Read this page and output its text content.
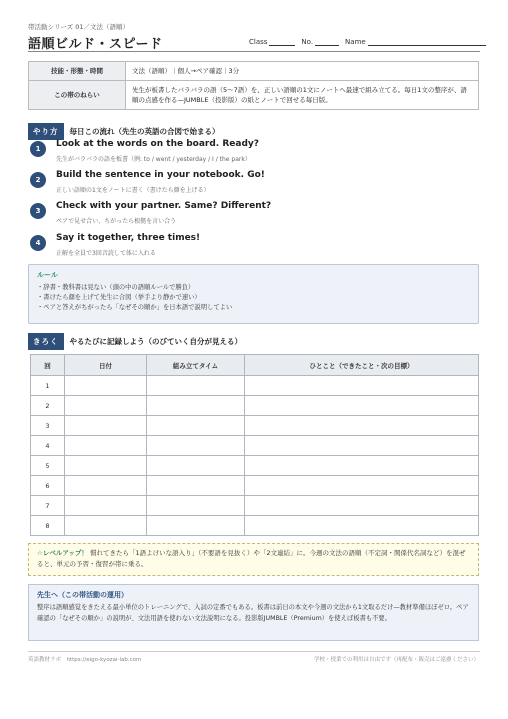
帯活動シリーズ 01／文法（語順）
語順ビルド・スピード	Class	No.	Name
技能・形態・時間	文法（語順）｜個人→ペア確認｜3分
この帯のねらい	先生が板書したバラバラの語（5〜7語）を、正しい語順の1文にノートへ最速で組み立てる。毎日1文の整序が、語順の点感を作る—JUMBLE（投影版）の紙とノートで回せる毎日版。
やり方	毎日この流れ（先生の英語の合図で始まる）
1	Look at the words on the board. Ready?
先生がバラバラの語を板書（例: to / went / yesterday / I / the park）
2	Build the sentence in your notebook. Go!
正しい語順の1文をノートに書く（書けたら顔を上げる）
3	Check with your partner. Same? Different?
ペアで見せ合い、ちがったら根拠を言い合う
4	Say it together, three times!
正解を全員で3回音読して体に入れる
ルール
・辞書・教科書は見ない（頭の中の語順ルールで勝負）
・書けたら顔を上げて先生に合図（挙手より静かで速い）
・ペアと答えがちがったら「なぜその順か」を日本語で説明してよい
きろく	やるたびに記録しよう（のびていく自分が見える）
回	日付	組み立てタイム	ひとこと（できたこと・次の目標）
1			
2			
3			
4			
5			
6			
7			
8			
☆レベルアップ！ 慣れてきたら「1語よけいな語入り」（不要語を見抜く）や「2文連結」に。今週の文法の語順（不定詞・関係代名詞など）を混ぜると、単元の予習・復習が帯に乗る。
先生へ（この帯活動の運用）
整序は語順感覚をきたえる最小単位のトレーニングで、入試の定番でもある。板書は前日の本文や今週の文法から1文取るだけ—教材準備ほぼゼロ。ペア確認の「なぜその順か」の説明が、文法用語を使わない文法説明になる。投影版JUMBLE（Premium）を使えば板書も不要。
英語教材ラボ　https://eigo-kyozai-lab.com	学校・授業での利用は自由です（再配布・販売はご遠慮ください）
